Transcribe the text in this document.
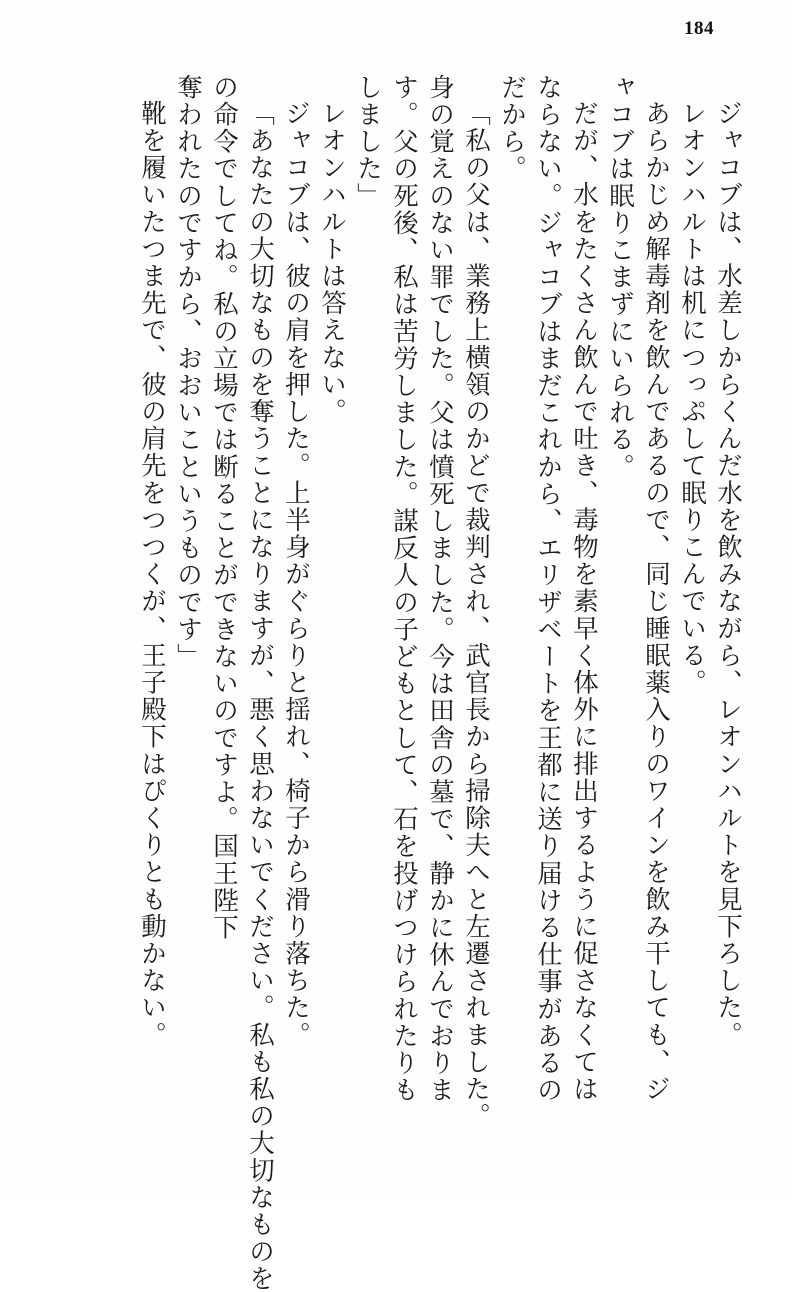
184
ジャコブは、水差しからくんだ水を飲みながら、レオンハルトを見下ろした。
レオンハルトは机につっぷして眠りこんでいる。
あらかじめ解毒剤を飲んであるので、同じ睡眠薬入りのワインを飲み干しても、ジ
ャコブは眠りこまずにいられる。
だが、水をたくさん飲んで吐き、毒物を素早く体外に排出するように促さなくては
ならない。ジャコブはまだこれから、エリザベートを王都に送り届ける仕事があるの
だから。
「私の父は、業務上横領のかどで裁判され、武官長から掃除夫へと左遷されました。
身の覚えのない罪でした。父は憤死しました。今は田舎の墓で、静かに休んでおりま
す。父の死後、私は苦労しました。謀反人の子どもとして、石を投げつけられたりも
しました」
レオンハルトは答えない。
ジャコブは、彼の肩を押した。上半身がぐらりと揺れ、椅子から滑り落ちた。
「あなたの大切なものを奪うことになりますが、悪く思わないでください。私も私の大切なものを
の命令でしてね。私の立場では断ることができないのですよ。国王陛下
奪われたのですから、おおいこというものです」
靴を履いたつま先で、彼の肩先をつつくが、王子殿下はぴくりとも動かない。
